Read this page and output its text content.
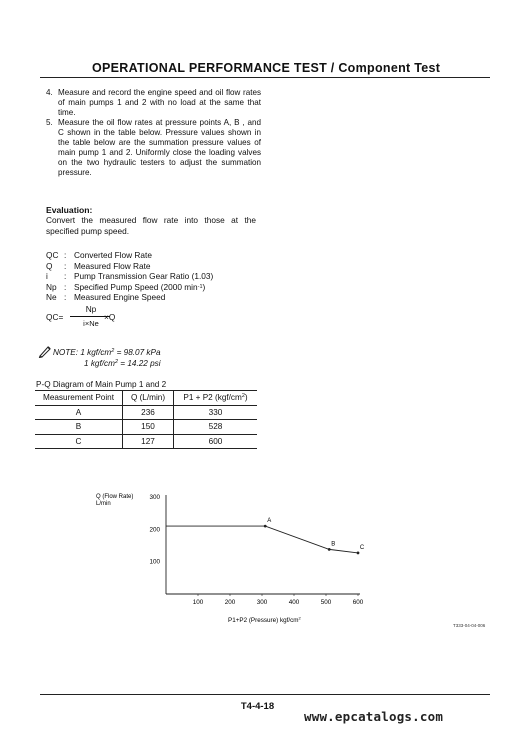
OPERATIONAL PERFORMANCE TEST / Component Test
4. Measure and record the engine speed and oil flow rates of main pumps 1 and 2 with no load at the same that time.
5. Measure the oil flow rates at pressure points A, B , and C shown in the table below. Pressure values shown in the table below are the summation pressure values of main pump 1 and 2. Uniformly close the loading valves on the two hydraulic testers to adjust the summation pressure.
Evaluation:
Convert the measured flow rate into those at the specified pump speed.
QC : Converted Flow Rate
Q	: Measured Flow Rate
i	: Pump Transmission Gear Ratio (1.03)
Np : Specified Pump Speed (2000 min -1 )
Ne : Measured Engine Speed
QC=
Np
i×Ne
×Q
NOTE: 1 kgf/$cm^2 = 98.07$ kPa
1 kgf/$cm^2 = 14.22$ psi
P-Q Diagram of Main Pump 1 and 2
Measurement Point	Q (L/min)	P1 + P2 $(kgf/cm^2)$
A	236	330
B	150	528
C	127	600
100	200	300	400	500	600
100
200
300
A
B
C
Q (Flow Rate)
L/min
P1+P2 (Pressure) kgf/$cm^2$
T333-04-04-006
T4-4-18
www.epcatalogs.com
